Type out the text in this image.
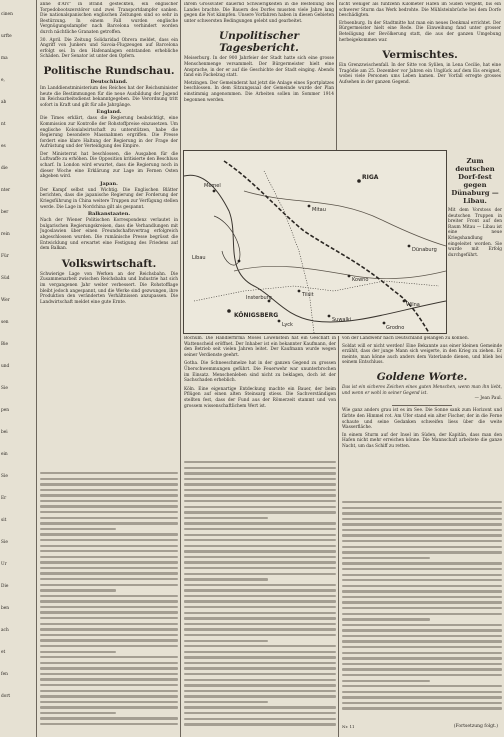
cinen
urfte
ma
e,
ab
nt
es
die
nter
ber
rein
Für
Süd
Wer
sen
Bie
und
Sie
pen
bei
ein
Sie
Er
sit
Sie
Ur
Die
ben
ach
et
fen
dort
anne d'Arc" in Brand gesteckten, ein englischer Torpedobootszerstörer und zwei Transportdampfer sanken. Die nationalspanischen englischen Zeitungen sind so sehr in Bestürzung. In einem Fall wurden englische Vergnügungsdampfer nach Barcelona verhindert worden durch nächtliche Granaten getroffen.
30. April. Die Zeitung Solidaridad Obrera meldet, dass ein Angriff von Junkers und Savoia-Flugzeugen auf Barcelona erfolgt sei. In den Hafenanlagen entstanden erhebliche Schäden. Der Senator ist unter den Opfern.
Politische Rundschau.
Deutschland.
Im Landdienstministerium des Reiches hat der Reichsminister heute die Bestimmungen für die neue Ausbildung der Jugend im Reichsarbeitsdienst bekanntgegeben. Die Verordnung tritt sofort in Kraft und gilt für alle Jahrgänge.
England.
Die Times erklärt, dass die Regierung beabsichtigt, eine Kommission zur Kontrolle der Rohstoffpreise einzusetzen. Um englische Kolonialwirtschaft zu unterstützen, habe die Regierung besondere Massnahmen ergriffen. Die Presse fordert eine klare Haltung der Regierung in der Frage der Aufrüstung und der Verteidigung des Empire.
Der Ministerrat hat beschlossen, die Ausgaben für die Luftwaffe zu erhöhen. Die Opposition kritisierte den Beschluss scharf. In London wird erwartet, dass die Regierung noch in dieser Woche eine Erklärung zur Lage im Fernen Osten abgeben wird.
Japan.
Der Kampf selbst und Wichtig. Die Englischen Blätter berichten, dass die japanische Regierung der Forderung der Kriegsführung in China weitere Truppen zur Verfügung stellen werde. Die Lage in Nordchina gilt als gespannt.
Balkanstaaten.
Nach der Wiener Politischen Korrespondenz verlautet in bulgarischen Regierungskreisen, dass die Verhandlungen mit Jugoslawien über einen Freundschaftsvertrag erfolgreich abgeschlossen wurden. Die rumänische Presse begrüsst die Entwicklung und erwartet eine Festigung des Friedens auf dem Balkan.
Volkswirtschaft.
Schwierige Lage von Werken an der Reichsbahn. Die Zusammenarbeit zwischen Reichsbahn und Industrie hat sich im vergangenen Jahr weiter verbessert. Die Rohstofflage bleibt jedoch angespannt, und die Werke sind gezwungen, ihre Produktion den veränderten Verhältnissen anzupassen. Die Landwirtschaft meldet eine gute Ernte.
ihrem Grossvater dauernd Schwierigkeiten in die Bestellung des Landes brachte. Die Bauern des Dorfes mussten viele Jahre lang gegen die Not kämpfen. Unsere Vorfahren haben in diesen Gebieten unter schwersten Bedingungen gelebt und gearbeitet.
Unpolitischer Tagesbericht.
Meiserburg. In der 900 Jahrfeier der Stadt hatte sich eine grosse Menschenmenge versammelt. Der Bürgermeister hielt eine Ansprache, in der er auf die Geschichte der Stadt einging. Abends fand ein Fackelzug statt.
Metzingen. Der Gemeinderat hat jetzt die Anlage eines Sportplatzes beschlossen. In dem Sitzungssaal der Gemeinde wurde der Plan einstimmig angenommen. Die Arbeiten sollen im Sommer 1914 begonnen werden.
nicht weniger als fünfzehn Kilometer Hafen im Süden vergeht, bis ein schwerer Sturm das Werk bedrohte. Die Mühlsteinbrüche bei dem Dorfe beschädigten.
Erbsenburg. In der Stadtmitte hat man ein neues Denkmal errichtet. Der Bürgermeister hielt eine Rede. Die Einweihung fand unter grosser Beteiligung der Bevölkerung statt, die aus der ganzen Umgebung herbeigekommen war.
Vermischtes.
Ein Grenzzwischenfall. In der Sitte von Sylilen, in Lena Cecilie, hat eine Tragödie am 25. Dezember vor Jahren ein Unglück auf dem Eis ereignet, wobei viele Personen ums Leben kamen. Der Vorfall erregte grosses Aufsehen in der ganzen Gegend.
KÖNIGSBERG
Tilsit
Memel
Libau
Mitau
RIGA
Dünaburg
Kowno
Wilna
Grodno
Suwalki
Lyck
Insterburg
Zum deutschen Dorf-fest gegen Dünaburg — Libau.
Mit dem Vorstoss der deutschen Truppen in breiter Front auf den Raum Mitau — Libau ist eine neue Kriegshandlung eingeleitet worden. Sie wurde mit Erfolg durchgeführt.
Bochum. Die Händlerfirma Moses Löwenstein hat ein Geschäft in Wattenscheid eröffnet. Der Inhaber ist ein bekannter Kaufmann, der den Betrieb seit vielen Jahren leitet. Der Kaufmann wurde wegen seiner Verdienste geehrt.
Gotha. Die Schneeschmelze hat in der ganzen Gegend zu grossen Überschwemmungen geführt. Die Feuerwehr war ununterbrochen im Einsatz. Menschenleben sind nicht zu beklagen, doch ist der Sachschaden erheblich.
Köln. Eine eigenartige Entdeckung machte ein Bauer, der beim Pflügen auf einen alten Steinsarg stiess. Die Sachverständigen stellten fest, dass der Fund aus der Römerzeit stammt und von grossem wissenschaftlichem Wert ist.
von der Landwehr nach Deutschland gelangen zu können.
Soldat will er nicht werden! Eine Bekannte aus einer kleinen Gemeinde erzählt, dass der junge Mann sich weigerte, in den Krieg zu ziehen. Er meinte, man könne auch anders dem Vaterlande dienen, und blieb bei seinem Entschluss.
Goldene Worte.
Das ist ein sicheres Zeichen eines guten Menschen, wenn man ihn liebt, und wenn er wohl in seiner Gegend ist.
— Jean Paul.
Wie ganz anders grau ist es im See. Die Sonne sank zum Horizont und färbte den Himmel rot. Am Ufer stand ein alter Fischer, der in die Ferne schaute und seine Gedanken schweifen liess über die weite Wasserfläche.
In einem Sturm auf der Insel im Süden, der Kapitän, dass man den Hafen nicht mehr erreichen könne. Die Mannschaft arbeitete die ganze Nacht, um das Schiff zu retten.
Nr. 11	(Fortsetzung folgt.)
